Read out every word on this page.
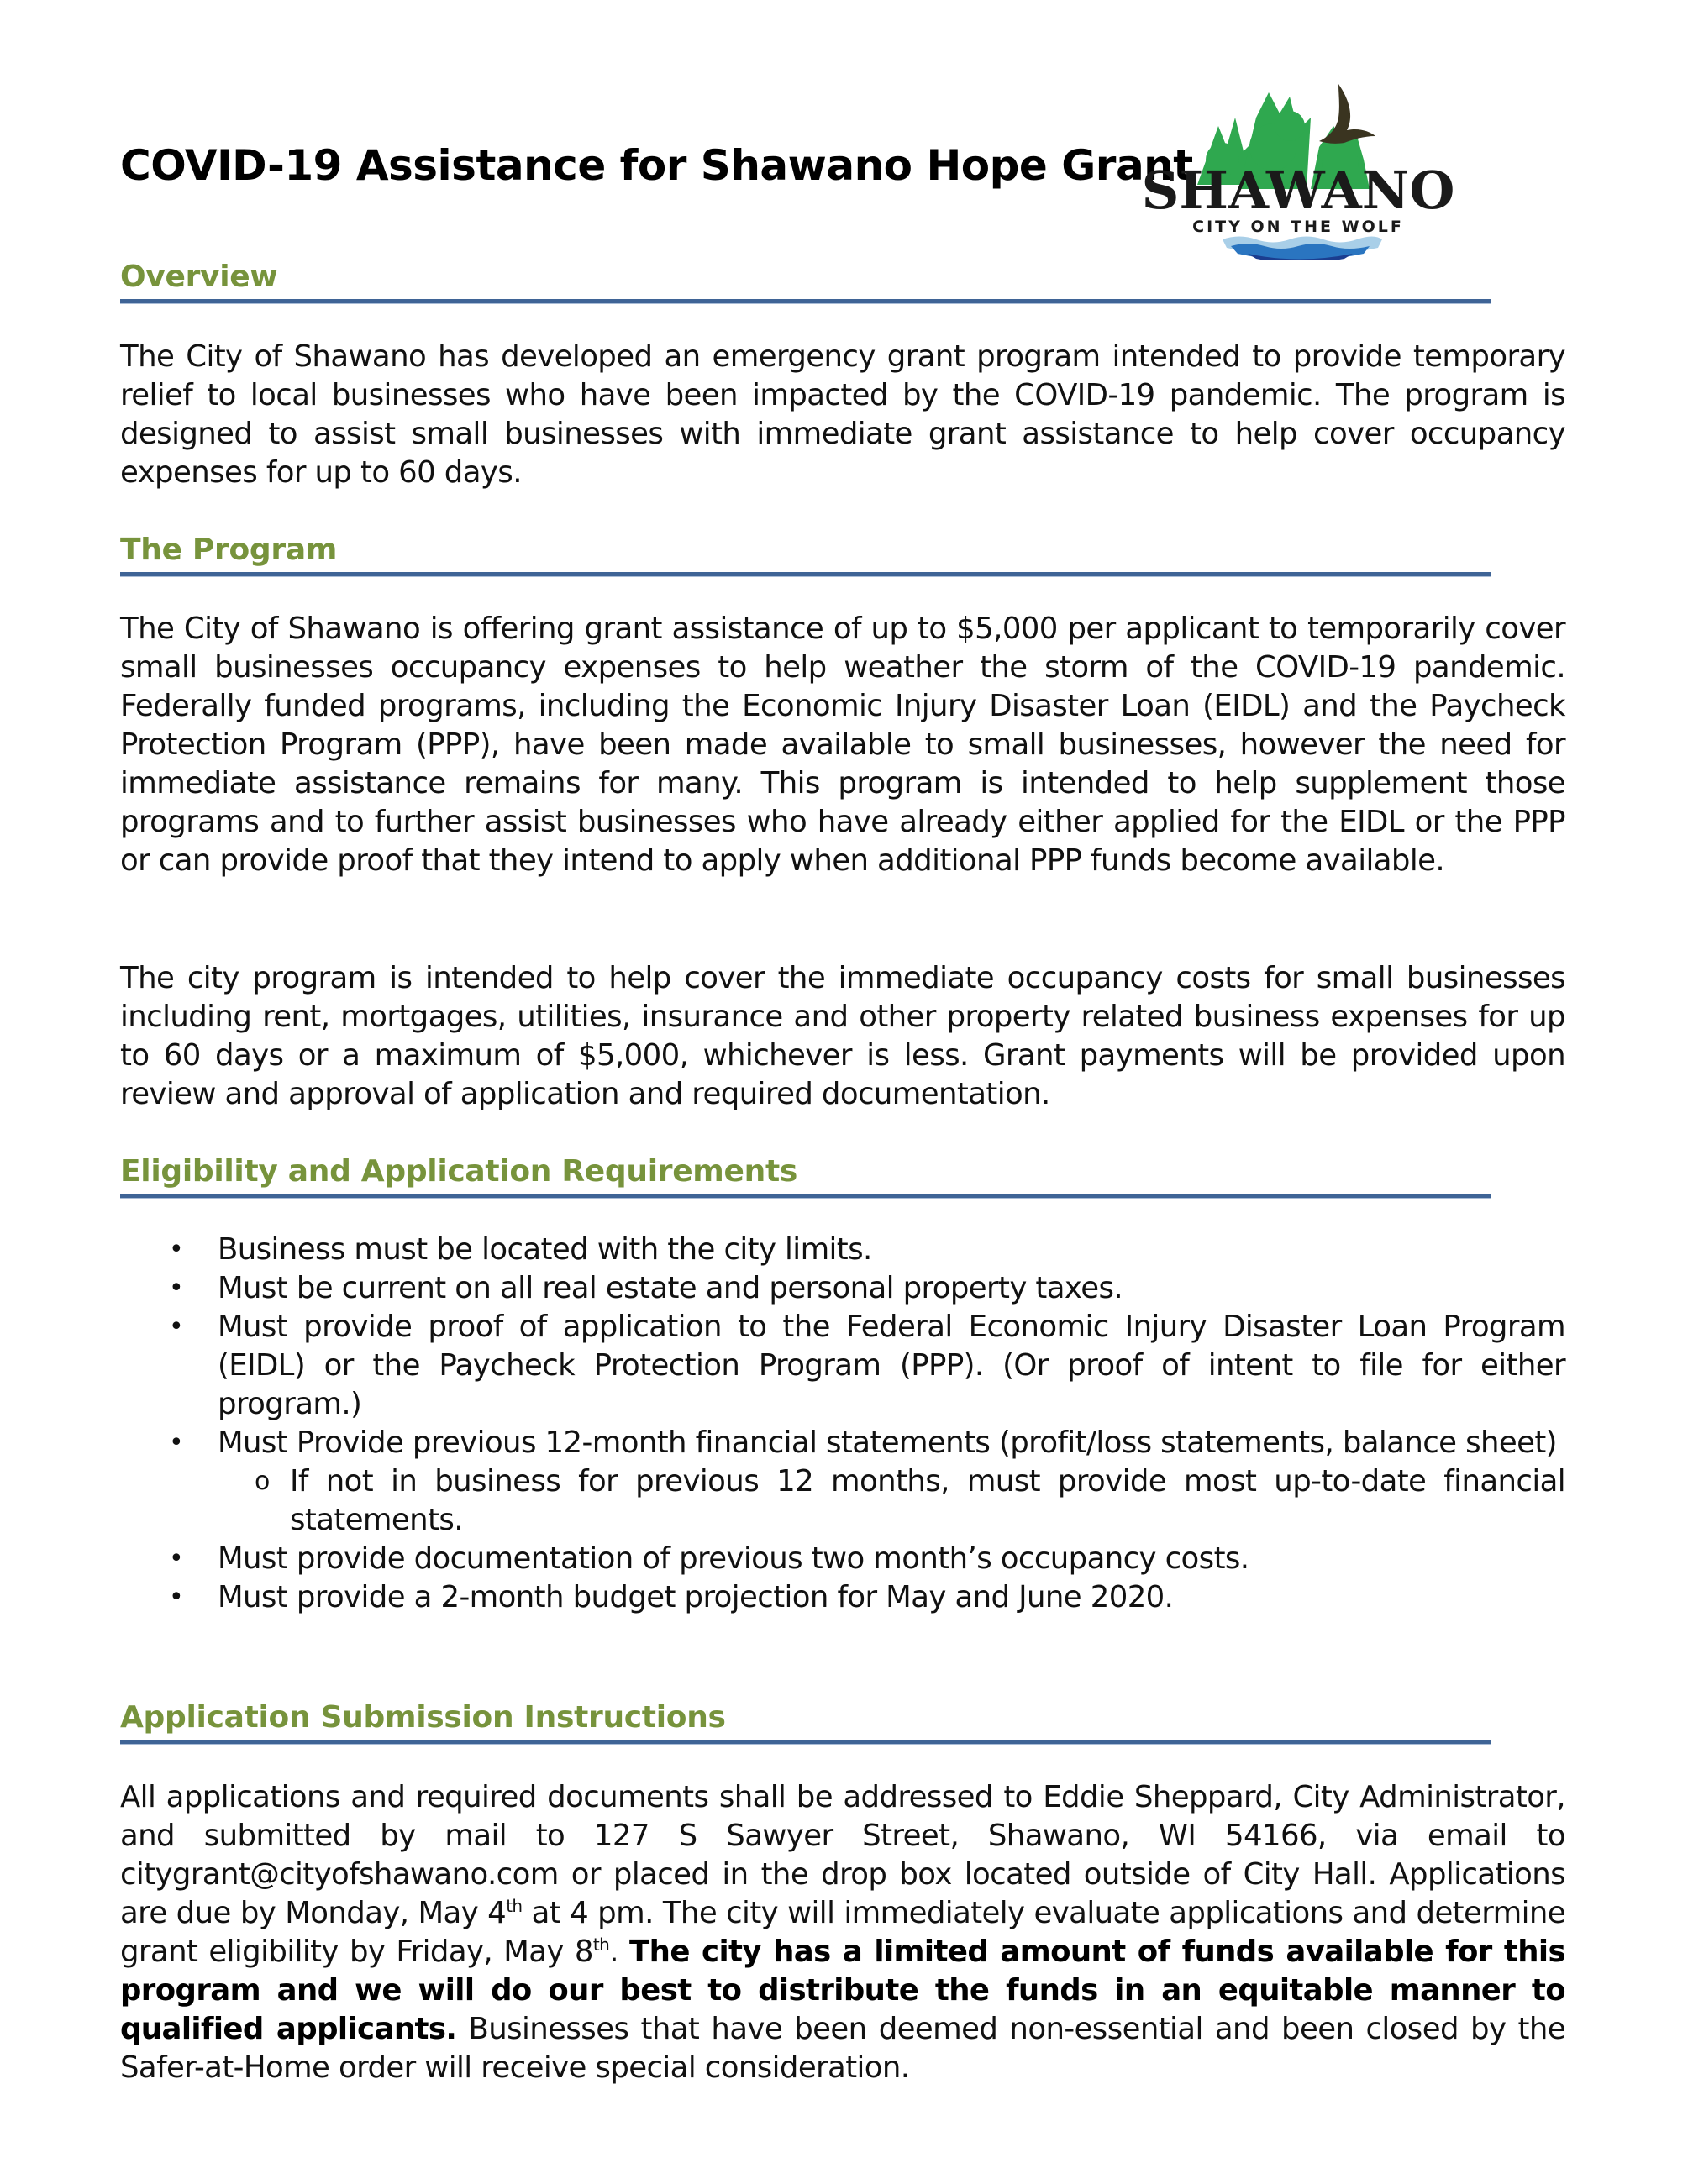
COVID-19 Assistance for Shawano Hope Grant
SHAWANO
CITY ON THE WOLF
Overview
The City of Shawano has developed an emergency grant program intended to provide temporary relief to local businesses who have been impacted by the COVID-19 pandemic. The program is designed to assist small businesses with immediate grant assistance to help cover occupancy expenses for up to 60 days.
The Program
The City of Shawano is offering grant assistance of up to $5,000 per applicant to temporarily cover small businesses occupancy expenses to help weather the storm of the COVID-19 pandemic. Federally funded programs, including the Economic Injury Disaster Loan (EIDL) and the Paycheck Protection Program (PPP), have been made available to small businesses, however the need for immediate assistance remains for many. This program is intended to help supplement those programs and to further assist businesses who have already either applied for the EIDL or the PPP or can provide proof that they intend to apply when additional PPP funds become available.
The city program is intended to help cover the immediate occupancy costs for small businesses including rent, mortgages, utilities, insurance and other property related business expenses for up to 60 days or a maximum of $5,000, whichever is less. Grant payments will be provided upon review and approval of application and required documentation.
Eligibility and Application Requirements
• Business must be located with the city limits.
• Must be current on all real estate and personal property taxes.
• Must provide proof of application to the Federal Economic Injury Disaster Loan Program (EIDL) or the Paycheck Protection Program (PPP). (Or proof of intent to file for either program.)
• Must Provide previous 12-month financial statements (profit/loss statements, balance sheet)
o If not in business for previous 12 months, must provide most up-to-date financial statements.
• Must provide documentation of previous two month’s occupancy costs.
• Must provide a 2-month budget projection for May and June 2020.
Application Submission Instructions
All applications and required documents shall be addressed to Eddie Sheppard, City Administrator, and submitted by mail to 127 S Sawyer Street, Shawano, WI 54166, via email to citygrant@cityofshawano.com or placed in the drop box located outside of City Hall. Applications are due by Monday, May 4th at 4 pm. The city will immediately evaluate applications and determine grant eligibility by Friday, May 8th. The city has a limited amount of funds available for this program and we will do our best to distribute the funds in an equitable manner to qualified applicants. Businesses that have been deemed non-essential and been closed by the Safer-at-Home order will receive special consideration.
